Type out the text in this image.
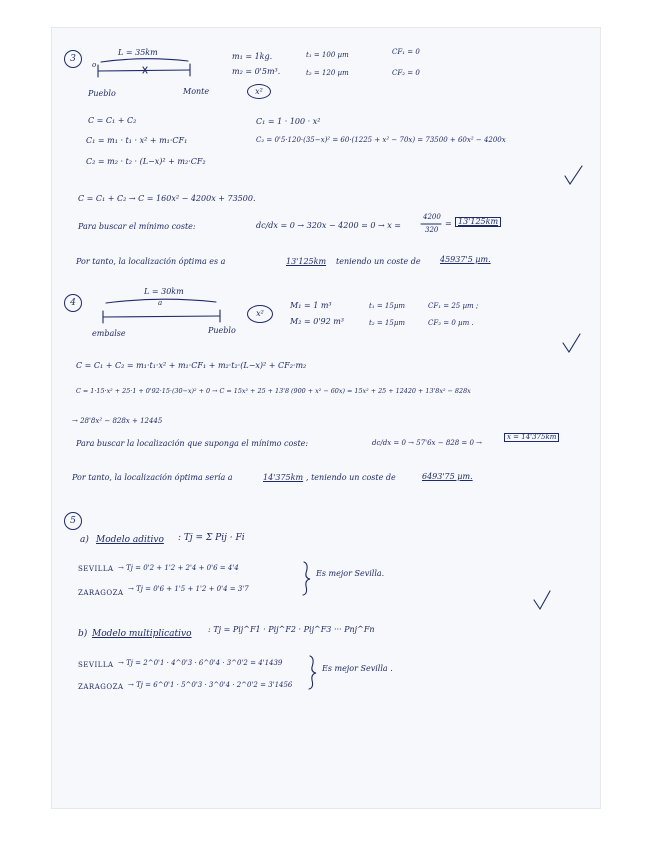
3
L = 35km
o
Pueblo	Monte
m₁ = 1kg.
m₂ = 0'5m³.
t₁ = 100 µm
t₂ = 120 µm
CF₁ = 0
CF₂ = 0
x²
C = C₁ + C₂
C₁ = m₁ · t₁ · x² + m₁·CF₁
C₂ = m₂ · t₂ · (L−x)² + m₂·CF₂
C₁ = 1 · 100 · x²
C₂ = 0'5·120·(35−x)² = 60·(1225 + x² − 70x) = 73500 + 60x² − 4200x
C = C₁ + C₂ → C = 160x² − 4200x + 73500.
Para buscar el mínimo coste:	dc/dx = 0 → 320x − 4200 = 0 → x =
4200
320
= 13'125km
Por tanto, la localización óptima es a	13'125km teniendo un coste de 45937'5 µm.
4
L = 30km
a
embalse	Pueblo
x²
M₁ = 1 m³
M₂ = 0'92 m³
t₁ = 15µm
t₂ = 15µm
CF₁ = 25 µm ;
CF₂ = 0 µm .
C = C₁ + C₂ = m₁·t₁·x² + m₁·CF₁ + m₂·t₂·(L−x)² + CF₂·m₂
C = 1·15·x² + 25·1 + 0'92·15·(30−x)² + 0 → C = 15x² + 25 + 13'8 (900 + x² − 60x) = 15x² + 25 + 12420 + 13'8x² − 828x
→ 28'8x² − 828x + 12445
Para buscar la localización que suponga el mínimo coste:	dc/dx = 0 → 57'6x − 828 = 0 →
x = 14'375km
Por tanto, la localización óptima sería a	14'375km , teniendo un coste de	6493'75 µm.
5
a) Modelo aditivo : Tj = Σ Pij · Fi
SEVILLA → Tj = 0'2 + 1'2 + 2'4 + 0'6 = 4'4
ZARAGOZA → Tj = 0'6 + 1'5 + 1'2 + 0'4 = 3'7
Es mejor Sevilla.
b) Modelo multiplicativo : Tj = Pij^F1 · Pij^F2 · Pij^F3 ··· Pnj^Fn
SEVILLA → Tj = 2^0'1 · 4^0'3 · 6^0'4 · 3^0'2 = 4'1439
ZARAGOZA → Tj = 6^0'1 · 5^0'3 · 3^0'4 · 2^0'2 = 3'1456
Es mejor Sevilla .
